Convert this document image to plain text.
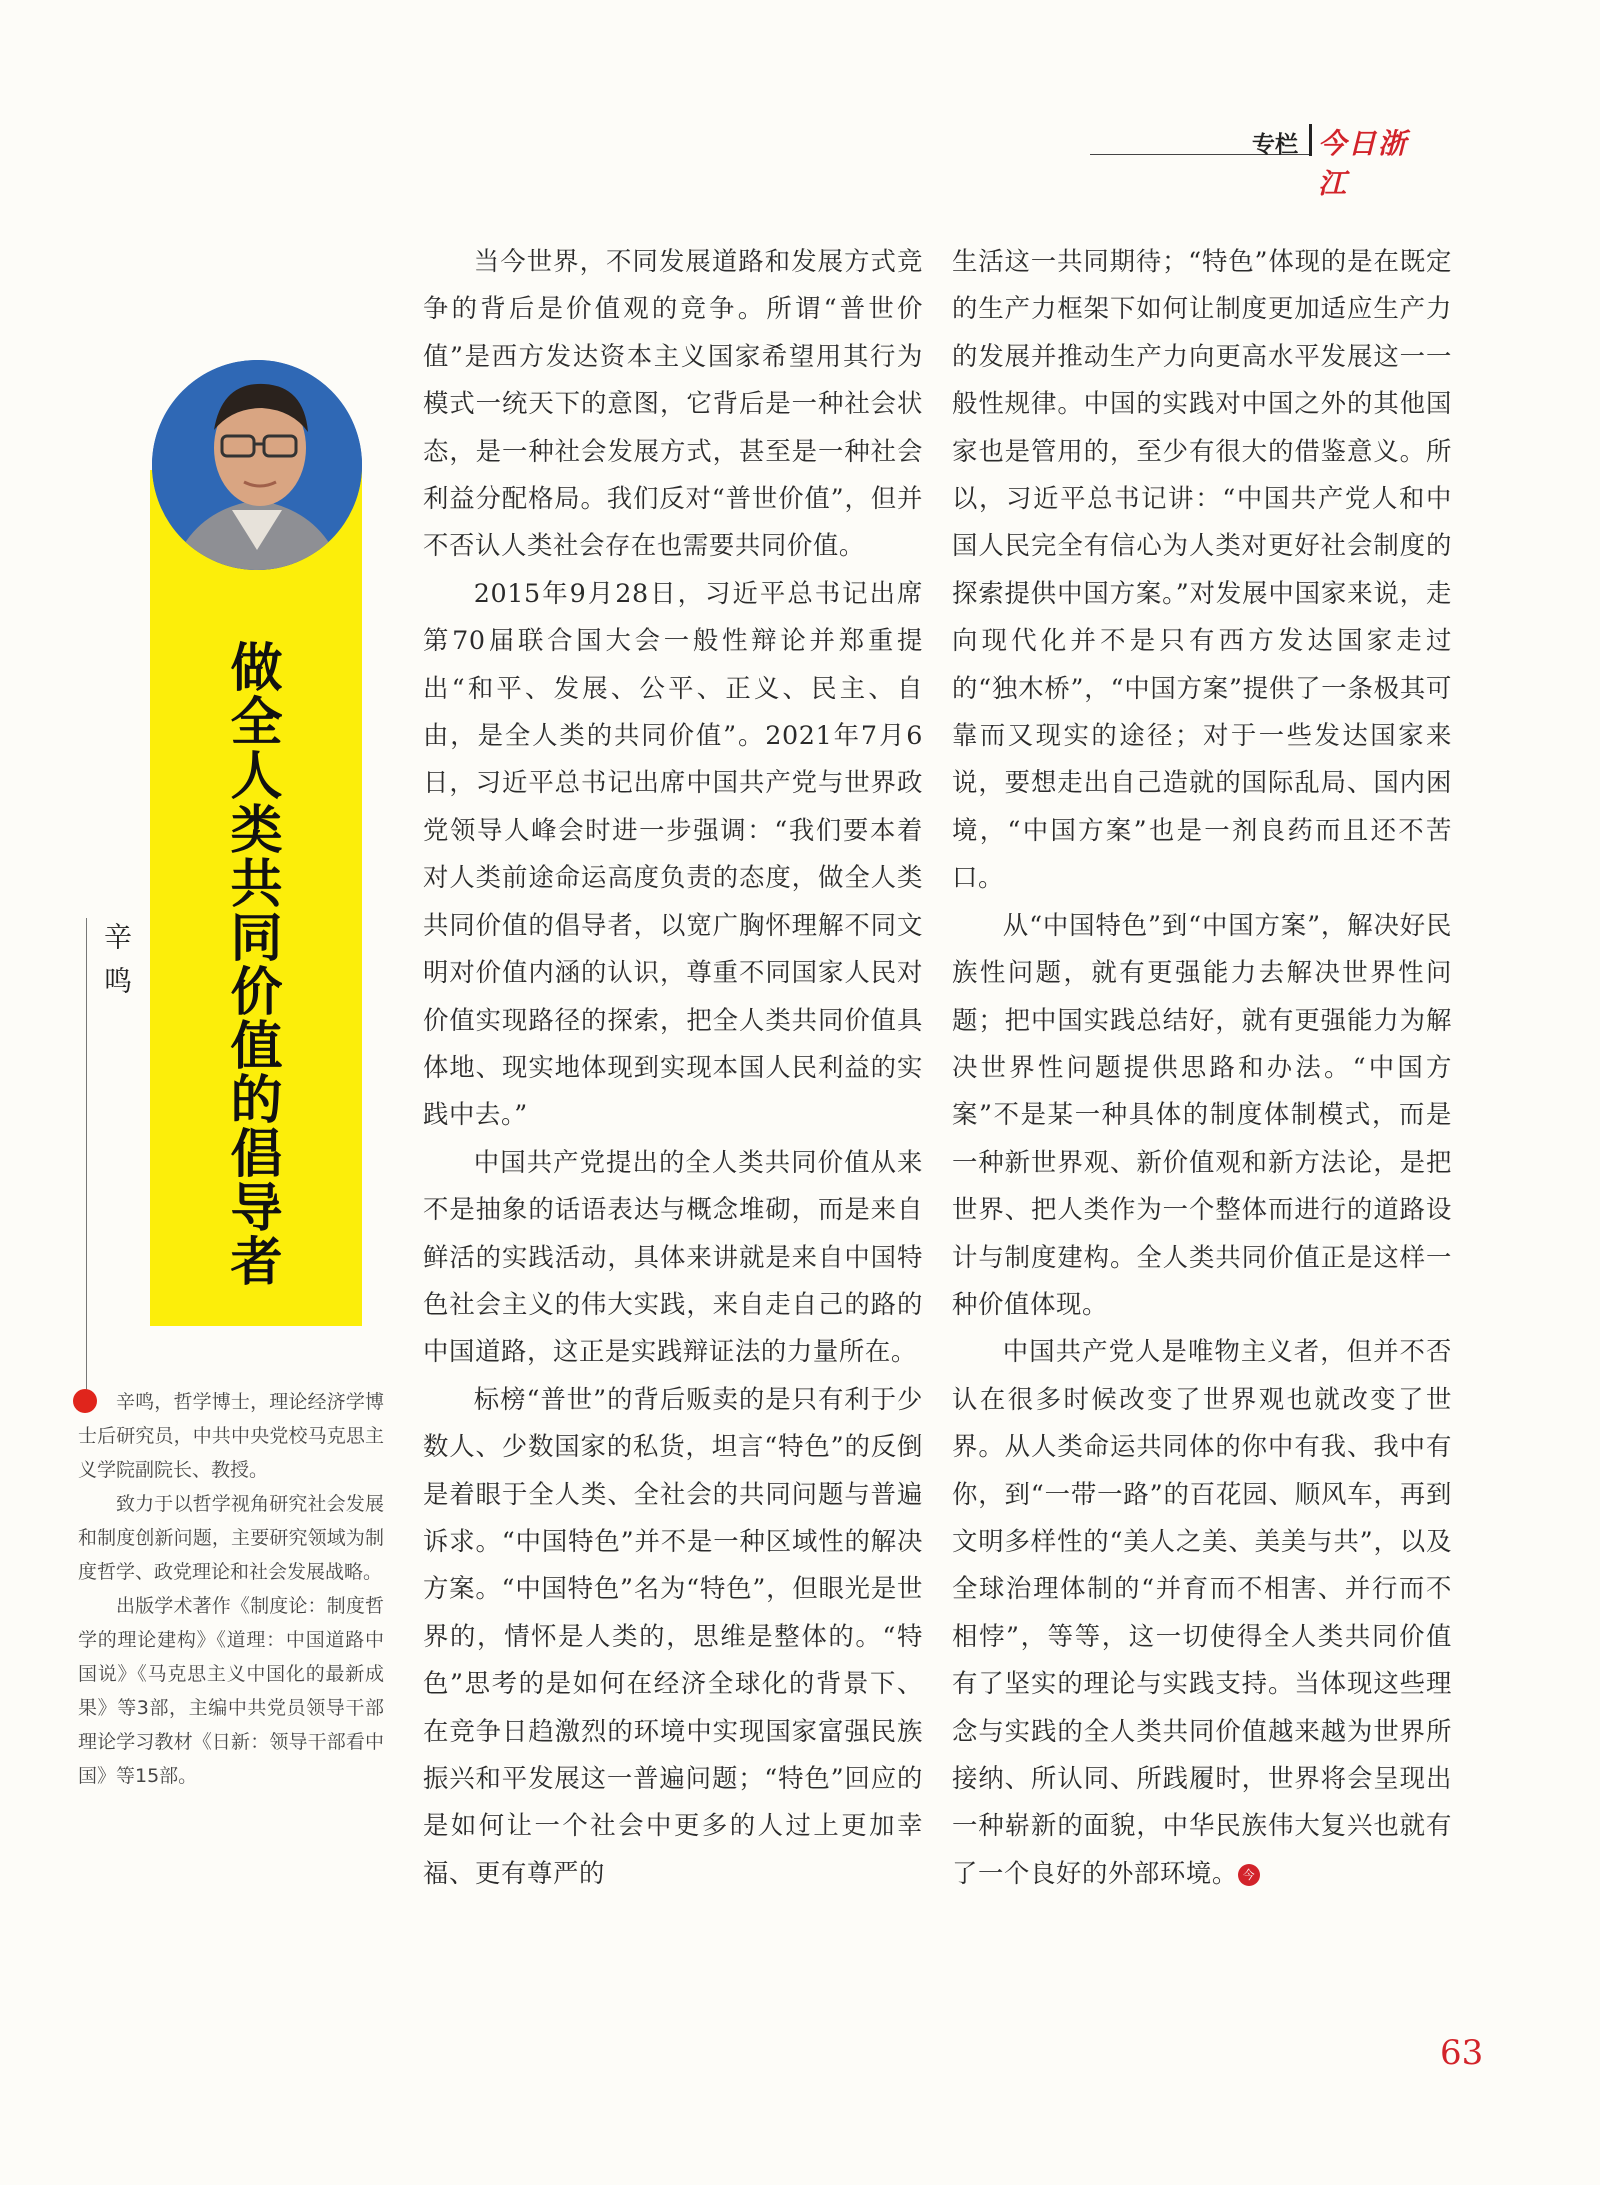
专栏 今日浙江
做全人类共同价值的倡导者
辛鸣

辛鸣，哲学博士，理论经济学博士后研究员，中共中央党校马克思主义学院副院长、教授。

致力于以哲学视角研究社会发展和制度创新问题，主要研究领域为制度哲学、政党理论和社会发展战略。

出版学术著作《制度论：制度哲学的理论建构》《道理：中国道路中国说》《马克思主义中国化的最新成果》等3部，主编中共党员领导干部理论学习教材《日新：领导干部看中国》等15部。

当今世界，不同发展道路和发展方式竞争的背后是价值观的竞争。所谓“普世价值”是西方发达资本主义国家希望用其行为模式一统天下的意图，它背后是一种社会状态，是一种社会发展方式，甚至是一种社会利益分配格局。我们反对“普世价值”，但并不否认人类社会存在也需要共同价值。

2015年9月28日，习近平总书记出席第70届联合国大会一般性辩论并郑重提出“和平、发展、公平、正义、民主、自由，是全人类的共同价值”。2021年7月6日，习近平总书记出席中国共产党与世界政党领导人峰会时进一步强调：“我们要本着对人类前途命运高度负责的态度，做全人类共同价值的倡导者，以宽广胸怀理解不同文明对价值内涵的认识，尊重不同国家人民对价值实现路径的探索，把全人类共同价值具体地、现实地体现到实现本国人民利益的实践中去。”

中国共产党提出的全人类共同价值从来不是抽象的话语表达与概念堆砌，而是来自鲜活的实践活动，具体来讲就是来自中国特色社会主义的伟大实践，来自走自己的路的中国道路，这正是实践辩证法的力量所在。

标榜“普世”的背后贩卖的是只有利于少数人、少数国家的私货，坦言“特色”的反倒是着眼于全人类、全社会的共同问题与普遍诉求。“中国特色”并不是一种区域性的解决方案。“中国特色”名为“特色”，但眼光是世界的，情怀是人类的，思维是整体的。“特色”思考的是如何在经济全球化的背景下、在竞争日趋激烈的环境中实现国家富强民族振兴和平发展这一普遍问题；“特色”回应的是如何让一个社会中更多的人过上更加幸福、更有尊严的

生活这一共同期待；“特色”体现的是在既定的生产力框架下如何让制度更加适应生产力的发展并推动生产力向更高水平发展这一一般性规律。中国的实践对中国之外的其他国家也是管用的，至少有很大的借鉴意义。所以，习近平总书记讲：“中国共产党人和中国人民完全有信心为人类对更好社会制度的探索提供中国方案。”对发展中国家来说，走向现代化并不是只有西方发达国家走过的“独木桥”，“中国方案”提供了一条极其可靠而又现实的途径；对于一些发达国家来说，要想走出自己造就的国际乱局、国内困境，“中国方案”也是一剂良药而且还不苦口。

从“中国特色”到“中国方案”，解决好民族性问题，就有更强能力去解决世界性问题；把中国实践总结好，就有更强能力为解决世界性问题提供思路和办法。“中国方案”不是某一种具体的制度体制模式，而是一种新世界观、新价值观和新方法论，是把世界、把人类作为一个整体而进行的道路设计与制度建构。全人类共同价值正是这样一种价值体现。

中国共产党人是唯物主义者，但并不否认在很多时候改变了世界观也就改变了世界。从人类命运共同体的你中有我、我中有你，到“一带一路”的百花园、顺风车，再到文明多样性的“美人之美、美美与共”，以及全球治理体制的“并育而不相害、并行而不相悖”，等等，这一切使得全人类共同价值有了坚实的理论与实践支持。当体现这些理念与实践的全人类共同价值越来越为世界所接纳、所认同、所践履时，世界将会呈现出一种崭新的面貌，中华民族伟大复兴也就有了一个良好的外部环境。 今

63
